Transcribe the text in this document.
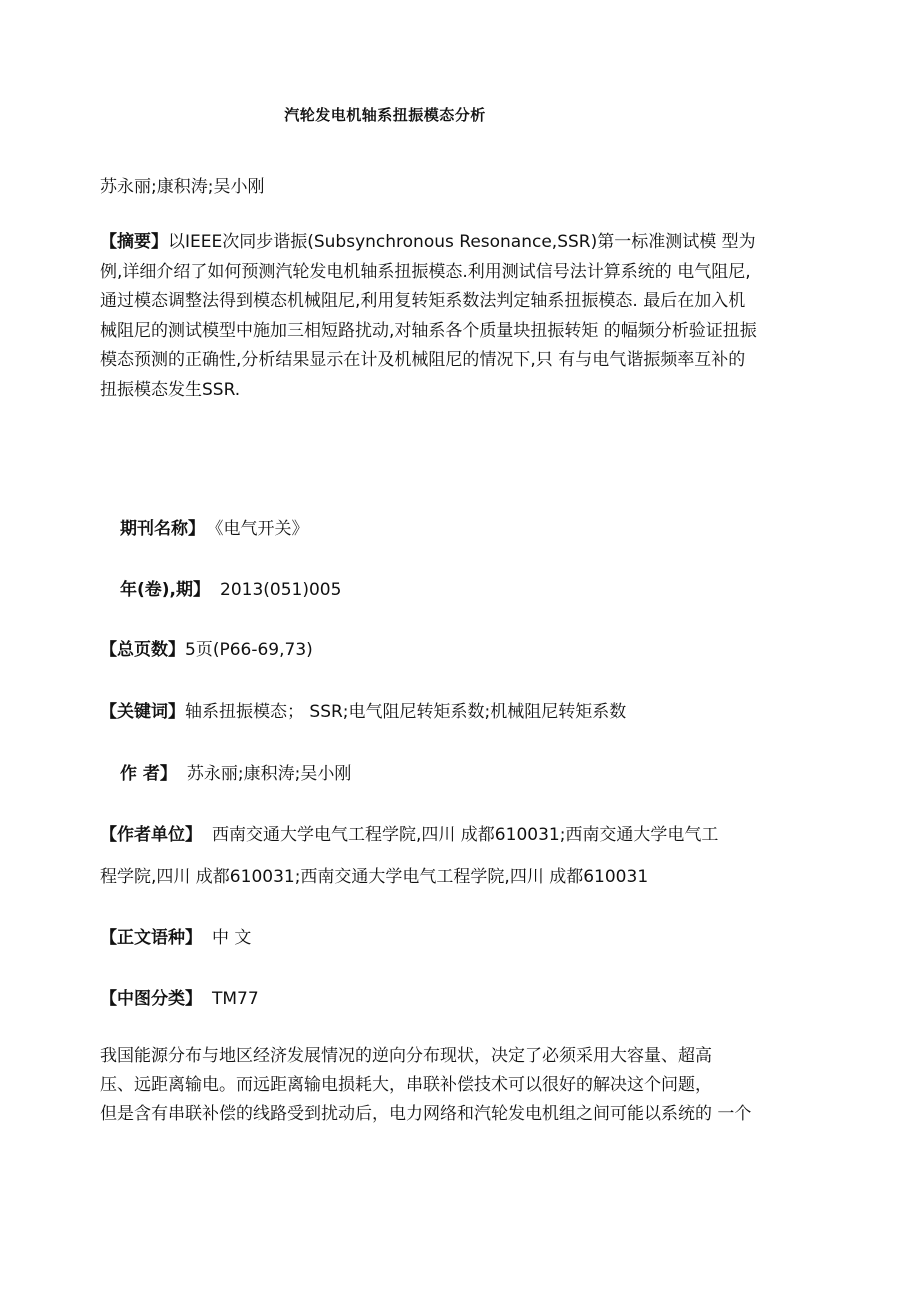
汽轮发电机轴系扭振模态分析
苏永丽;康积涛;吴小刚
【摘要】以IEEE次同步谐振(Subsynchronous Resonance,SSR)第一标准测试模 型为
例,详细介绍了如何预测汽轮发电机轴系扭振模态.利用测试信号法计算系统的 电气阻尼,
通过模态调整法得到模态机械阻尼,利用复转矩系数法判定轴系扭振模态. 最后在加入机
械阻尼的测试模型中施加三相短路扰动,对轴系各个质量块扭振转矩 的幅频分析验证扭振
模态预测的正确性,分析结果显示在计及机械阻尼的情况下,只 有与电气谐振频率互补的
扭振模态发生SSR.
期刊名称】 《电气开关》
年(卷),期】 2013(051)005
【总页数】5页(P66-69,73)
【关键词】轴系扭振模态； SSR;电气阻尼转矩系数;机械阻尼转矩系数
作 者】 苏永丽;康积涛;吴小刚
【作者单位】 西南交通大学电气工程学院,四川 成都610031;西南交通大学电气工
程学院,四川 成都610031;西南交通大学电气工程学院,四川 成都610031
【正文语种】 中 文
【中图分类】 TM77
我国能源分布与地区经济发展情况的逆向分布现状，决定了必须采用大容量、超高
压、远距离输电。而远距离输电损耗大，串联补偿技术可以很好的解决这个问题，
但是含有串联补偿的线路受到扰动后，电力网络和汽轮发电机组之间可能以系统的 一个
